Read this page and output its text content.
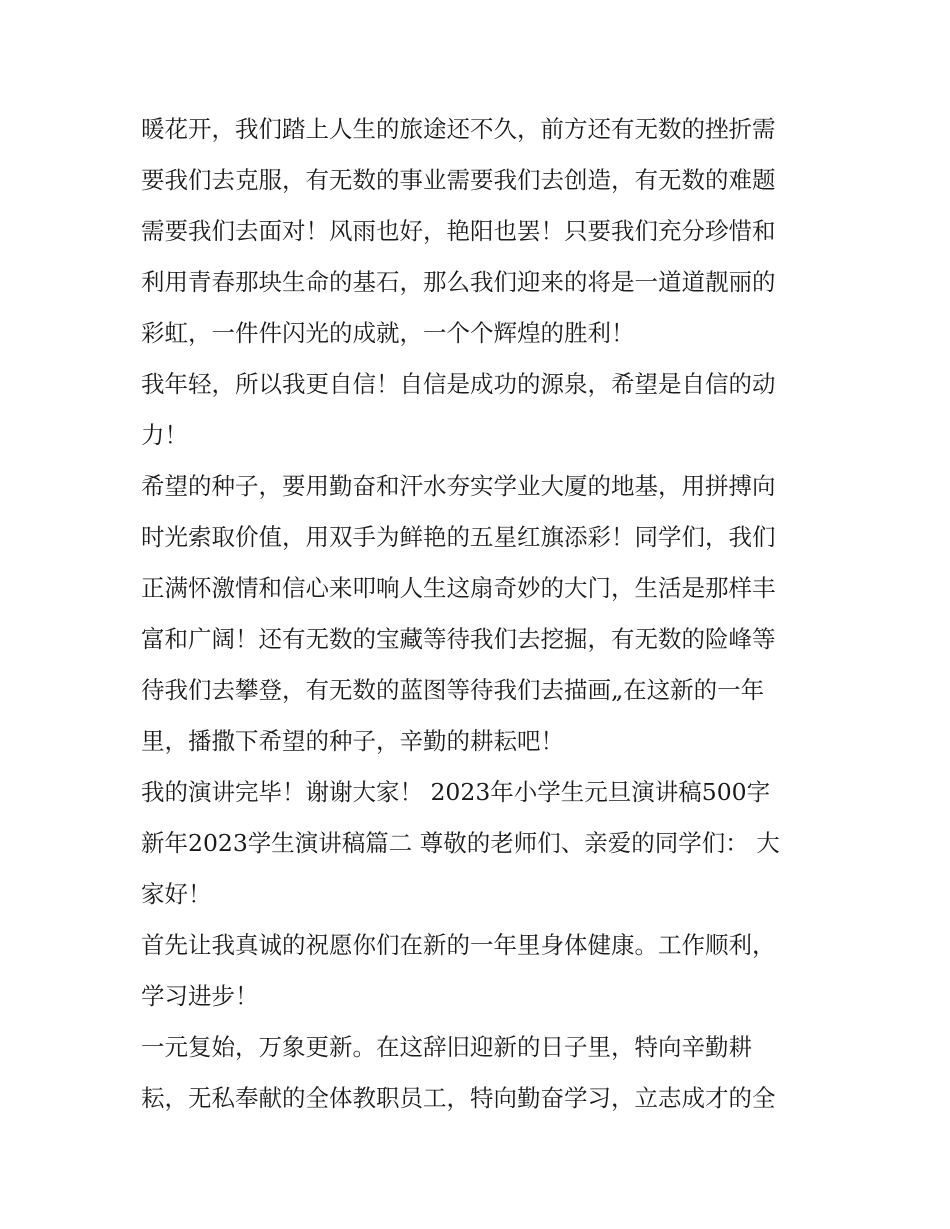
暖花开，我们踏上人生的旅途还不久，前方还有无数的挫折需
要我们去克服，有无数的事业需要我们去创造，有无数的难题
需要我们去面对！风雨也好，艳阳也罢！只要我们充分珍惜和
利用青春那块生命的基石，那么我们迎来的将是一道道靓丽的
彩虹，一件件闪光的成就，一个个辉煌的胜利！
我年轻，所以我更自信！自信是成功的源泉，希望是自信的动
力！
希望的种子，要用勤奋和汗水夯实学业大厦的地基，用拼搏向
时光索取价值，用双手为鲜艳的五星红旗添彩！同学们，我们
正满怀激情和信心来叩响人生这扇奇妙的大门，生活是那样丰
富和广阔！还有无数的宝藏等待我们去挖掘，有无数的险峰等
待我们去攀登，有无数的蓝图等待我们去描画„在这新的一年
里，播撒下希望的种子，辛勤的耕耘吧！
我的演讲完毕！谢谢大家！ 2023年小学生元旦演讲稿500字
新年2023学生演讲稿篇二 尊敬的老师们、亲爱的同学们： 大
家好！
首先让我真诚的祝愿你们在新的一年里身体健康。工作顺利，
学习进步！
一元复始，万象更新。在这辞旧迎新的日子里，特向辛勤耕
耘，无私奉献的全体教职员工，特向勤奋学习，立志成才的全
